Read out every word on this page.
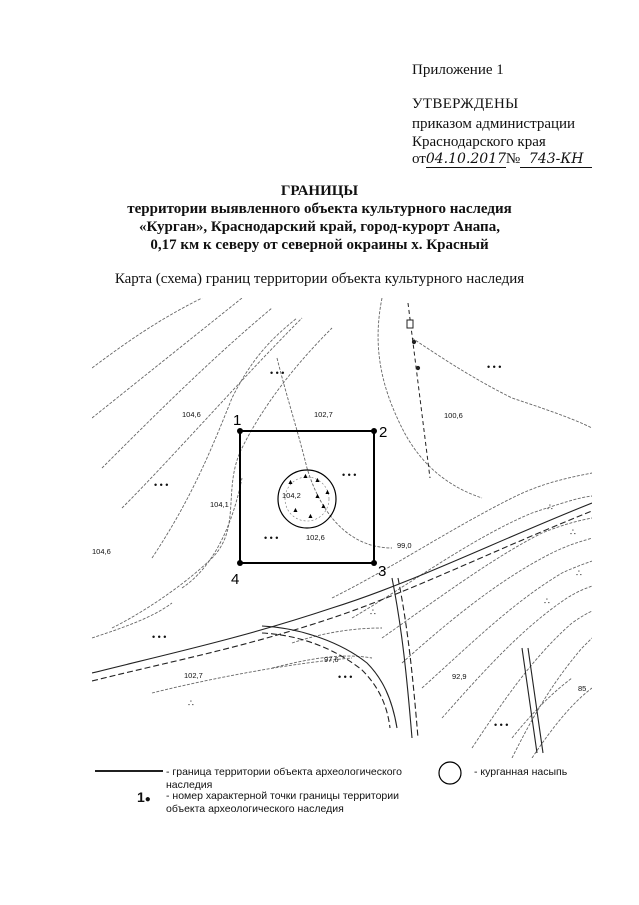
Приложение 1
УТВЕРЖДЕНЫ
приказом администрации
Краснодарского края
от04.10.2017№ 743-КН
ГРАНИЦЫ
территории выявленного объекта культурного наследия
«Курган», Краснодарский край, город-курорт Анапа,
0,17 км к северу от северной окраины х. Красный
Карта (схема) границ территории объекта культурного наследия
1
2
3
4
▲
▲
▲
▲
▲
▲
▲
▲
104,6	102,7	100,6
104,1
104,2
102,6
99,0
104,6
97,6
102,7	92,9
85
• • •
• • •
• • •
• • •
• • •
• • •
• • •
• • •
∴
∴
∴
∴
∴
∴
- граница территории объекта археологического
наследия
- курганная насыпь
1● - номер характерной точки границы территории
объекта археологического наследия
